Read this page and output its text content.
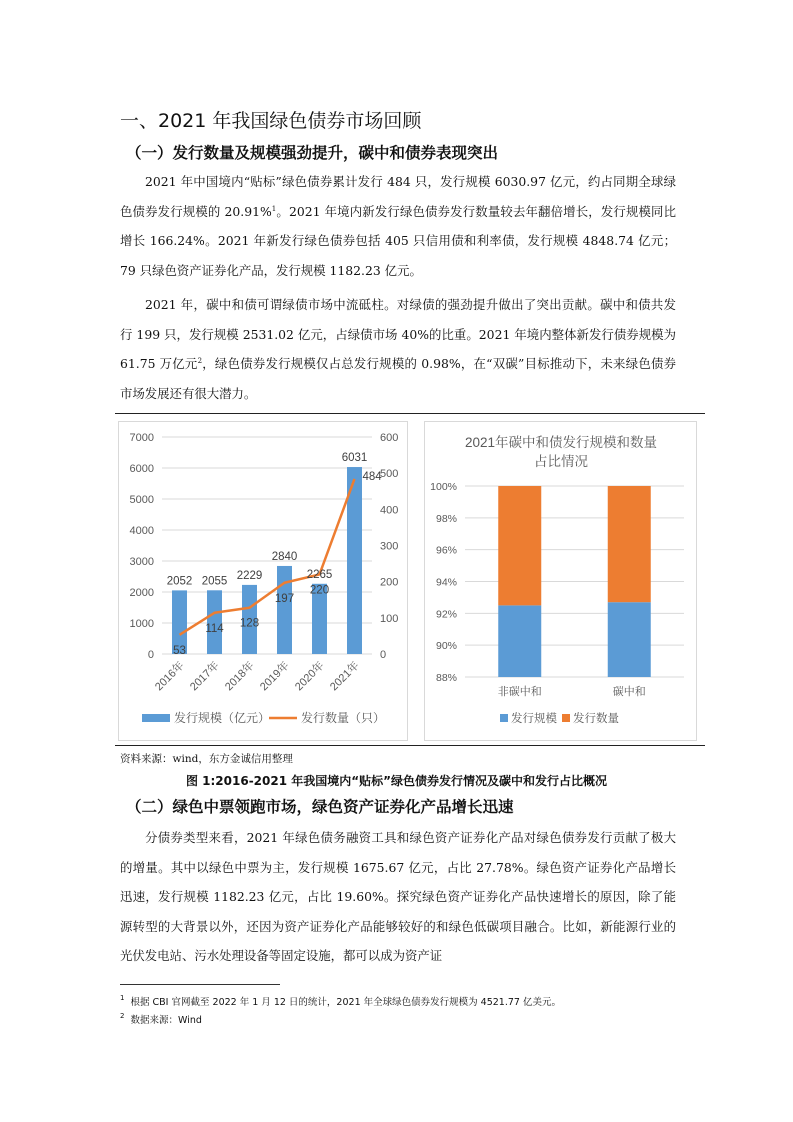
一、2021 年我国绿色债券市场回顾
（一）发行数量及规模强劲提升，碳中和债券表现突出

2021 年中国境内“贴标”绿色债券累计发行 484 只，发行规模 6030.97 亿元，约占同期全球绿色债券发行规模的 20.91%$^1$。2021 年境内新发行绿色债券发行数量较去年翻倍增长，发行规模同比增长 166.24%。2021 年新发行绿色债券包括 405 只信用债和利率债，发行规模 4848.74 亿元；79 只绿色资产证券化产品，发行规模 1182.23 亿元。

2021 年，碳中和债可谓绿债市场中流砥柱。对绿债的强劲提升做出了突出贡献。碳中和债共发行 199 只，发行规模 2531.02 亿元，占绿债市场 40%的比重。2021 年境内整体新发行债券规模为 61.75 万亿元$^2$，绿色债券发行规模仅占总发行规模的 0.98%，在“双碳”目标推动下，未来绿色债券市场发展还有很大潜力。

0
1000
2000
3000
4000
5000
6000
7000
0
100
200
300
400
500
600
2052 2055 2229
2840
2265
6031
53
114 128
197
220
484
2016年 2017年 2018年 2019年 2020年 2021年
发行规模（亿元）	发行数量（只）
2021年碳中和债发行规模和数量
占比情况
88%
90%
92%
94%
96%
98%
100%
非碳中和	碳中和
发行规模 发行数量
资料来源：wind，东方金诚信用整理
图 1:2016-2021 年我国境内“贴标”绿色债券发行情况及碳中和发行占比概况
（二）绿色中票领跑市场，绿色资产证券化产品增长迅速

分债券类型来看，2021 年绿色债务融资工具和绿色资产证券化产品对绿色债券发行贡献了极大的增量。其中以绿色中票为主，发行规模 1675.67 亿元，占比 27.78%。绿色资产证券化产品增长迅速，发行规模 1182.23 亿元，占比 19.60%。探究绿色资产证券化产品快速增长的原因，除了能源转型的大背景以外，还因为资产证券化产品能够较好的和绿色低碳项目融合。比如，新能源行业的光伏发电站、污水处理设备等固定设施，都可以成为资产证

$^1$ 根据 CBI 官网截至 2022 年 1 月 12 日的统计，2021 年全球绿色债券发行规模为 4521.77 亿美元。
$^2$ 数据来源：Wind
